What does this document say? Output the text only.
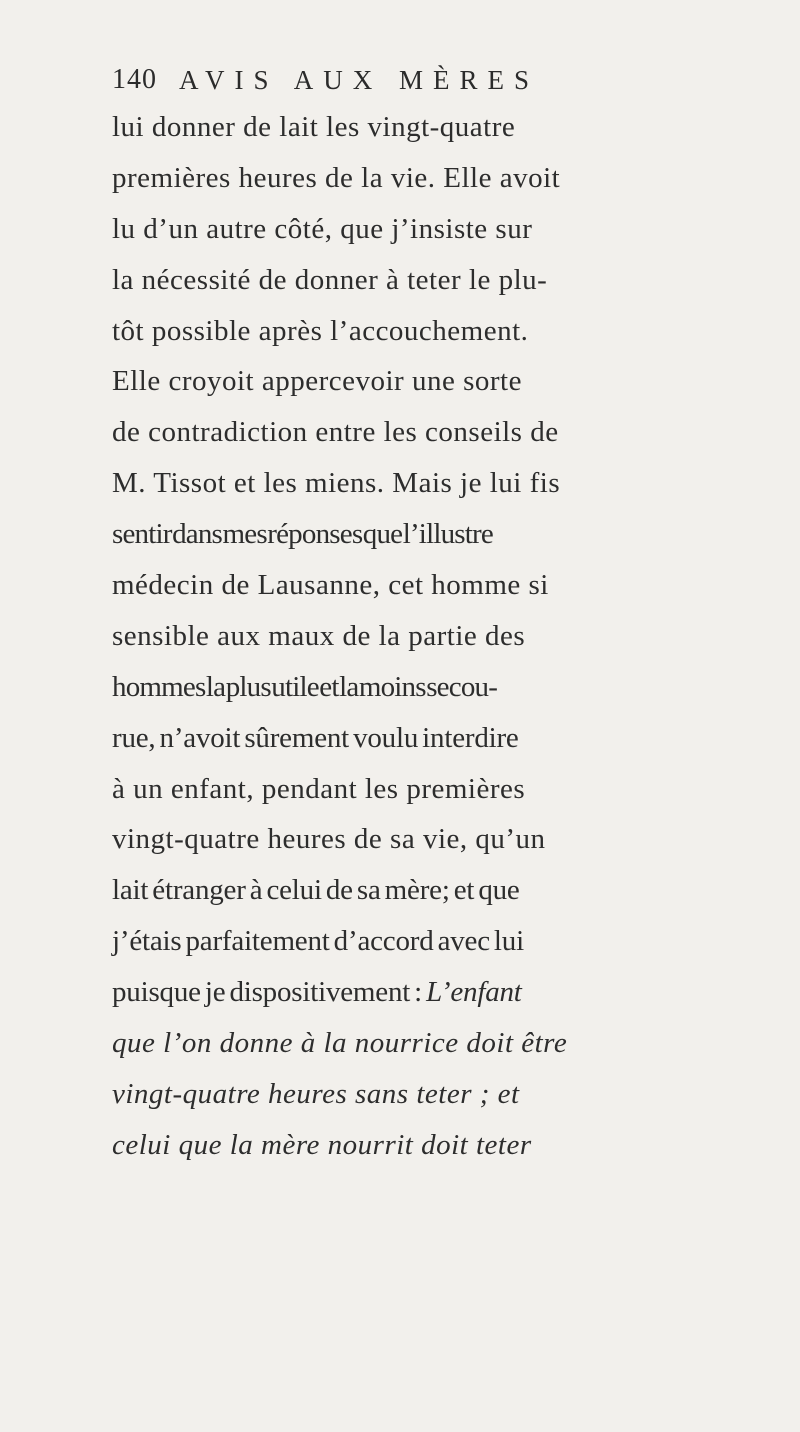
140 AVIS AUX MÈRES
lui donner de lait les vingt-quatre
premières heures de la vie. Elle avoit
lu d’un autre côté, que j’insiste sur
la nécessité de donner à teter le plu-
tôt possible après l’accouchement.
Elle croyoit appercevoir une sorte
de contradiction entre les conseils de
M. Tissot et les miens. Mais je lui fis
sentir dans mes réponses que l’illustre
médecin de Lausanne, cet homme si
sensible aux maux de la partie des
hommes la plus utile et la moins secou-
rue, n’avoit sûrement voulu interdire
à un enfant, pendant les premières
vingt-quatre heures de sa vie, qu’un
lait étranger à celui de sa mère; et que
j’étais parfaitement d’accord avec lui
puisque je dispositivement : L’enfant
que l’on donne à la nourrice doit être
vingt-quatre heures sans teter ; et
celui que la mère nourrit doit teter
